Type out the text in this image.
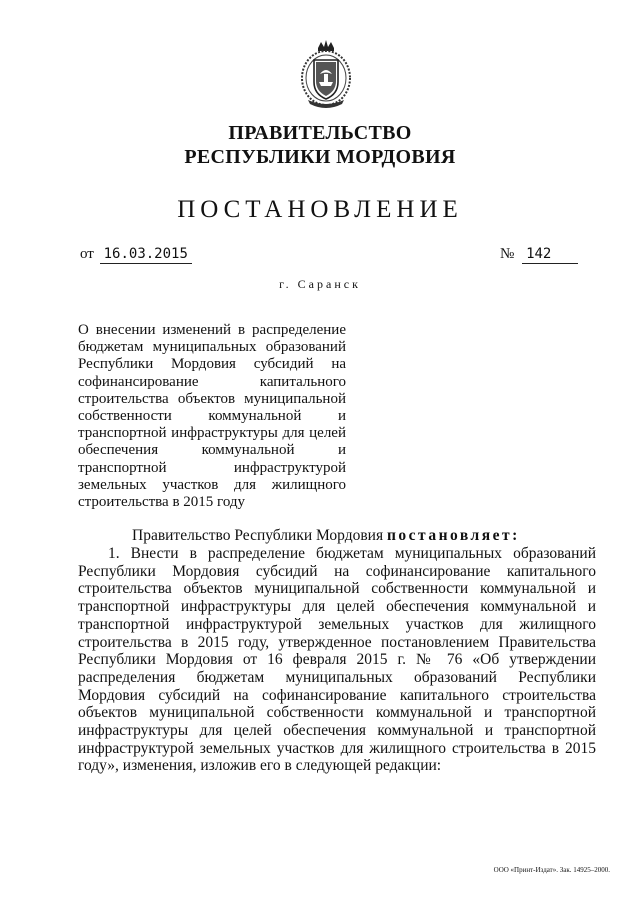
ПРАВИТЕЛЬСТВО
РЕСПУБЛИКИ МОРДОВИЯ
ПОСТАНОВЛЕНИЕ
от 16.03.2015	№ 142
г. Саранск
О внесении изменений в распределение бюджетам муниципальных образований Республики Мордовия субсидий на софинансирование капитального строительства объектов муниципальной собственности коммунальной и транспортной инфраструктуры для целей обеспечения коммунальной и транспортной инфраструктурой земельных участков для жилищного строительства в 2015 году
Правительство Республики Мордовия постановляет:
1. Внести в распределение бюджетам муниципальных образований Республики Мордовия субсидий на софинансирование капитального строительства объектов муниципальной собственности коммунальной и транспортной инфраструктуры для целей обеспечения коммунальной и транспортной инфраструктурой земельных участков для жилищного строительства в 2015 году, утвержденное постановлением Правительства Республики Мордовия от 16 февраля 2015 г. № 76 «Об утверждении распределения бюджетам муниципальных образований Республики Мордовия субсидий на софинансирование капитального строительства объектов муниципальной собственности коммунальной и транспортной инфраструктуры для целей обеспечения коммунальной и транспортной инфраструктурой земельных участков для жилищного строительства в 2015 году», изменения, изложив его в следующей редакции:
ООО «Принт-Издат». Зак. 14925–2000.
